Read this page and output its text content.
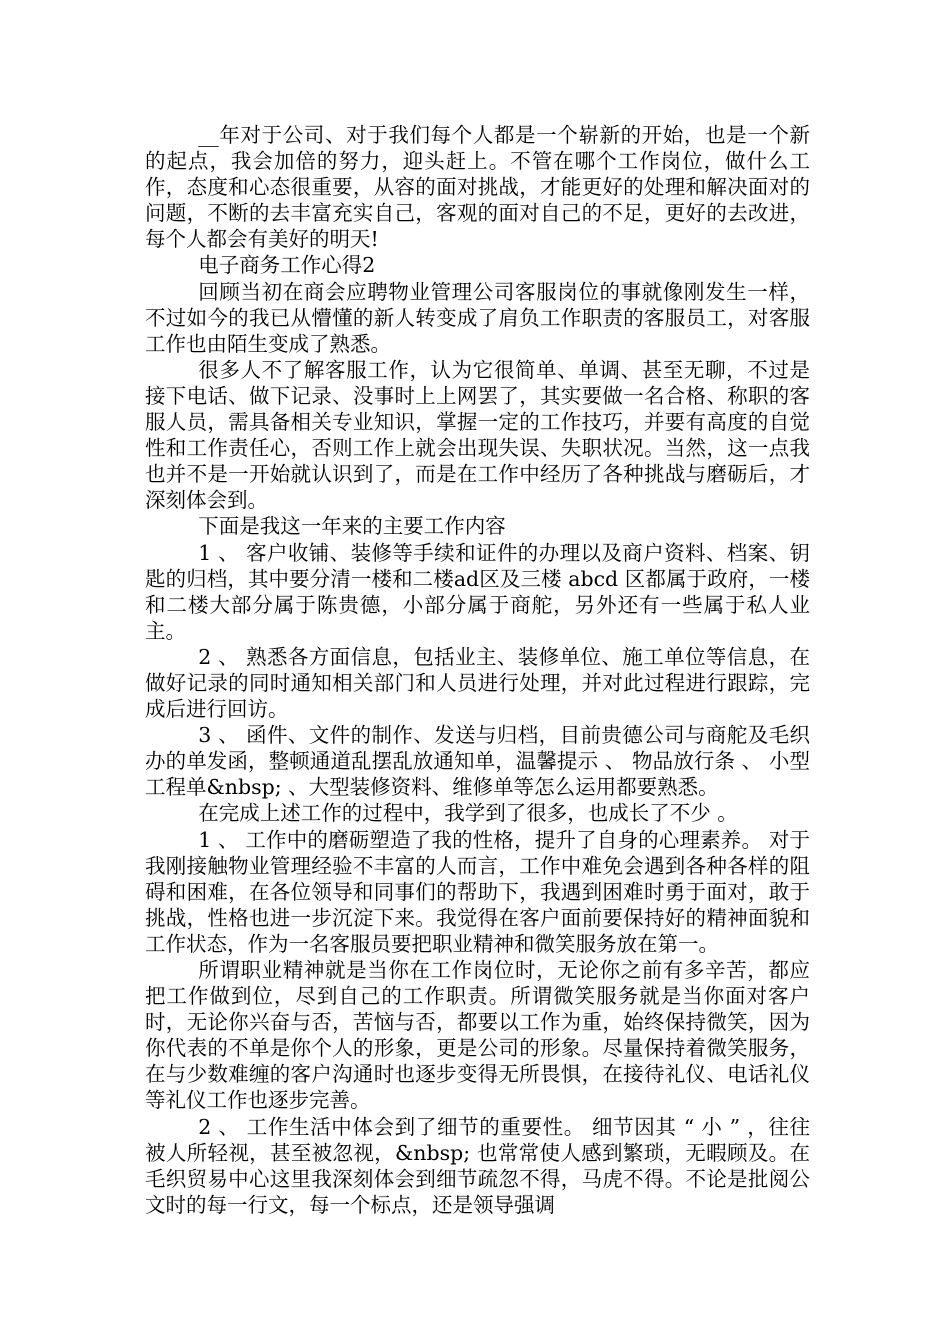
__年对于公司、对于我们每个人都是一个崭新的开始，也是一个新的起点，我会加倍的努力，迎头赶上。不管在哪个工作岗位，做什么工作，态度和心态很重要，从容的面对挑战，才能更好的处理和解决面对的问题，不断的去丰富充实自己，客观的面对自己的不足，更好的去改进，每个人都会有美好的明天!

电子商务工作心得2

回顾当初在商会应聘物业管理公司客服岗位的事就像刚发生一样，不过如今的我已从懵懂的新人转变成了肩负工作职责的客服员工，对客服工作也由陌生变成了熟悉。

很多人不了解客服工作，认为它很简单、单调、甚至无聊，不过是接下电话、做下记录、没事时上上网罢了，其实要做一名合格、称职的客服人员，需具备相关专业知识，掌握一定的工作技巧，并要有高度的自觉性和工作责任心，否则工作上就会出现失误、失职状况。当然，这一点我也并不是一开始就认识到了，而是在工作中经历了各种挑战与磨砺后，才深刻体会到。

下面是我这一年来的主要工作内容

1 、 客户收铺、装修等手续和证件的办理以及商户资料、档案、钥匙的归档，其中要分清一楼和二楼ad区及三楼 abcd 区都属于政府，一楼和二楼大部分属于陈贵德，小部分属于商舵，另外还有一些属于私人业主。

2 、 熟悉各方面信息，包括业主、装修单位、施工单位等信息，在做好记录的同时通知相关部门和人员进行处理，并对此过程进行跟踪，完成后进行回访。

3 、 函件、文件的制作、发送与归档，目前贵德公司与商舵及毛织办的单发函，整顿通道乱摆乱放通知单，温馨提示 、 物品放行条 、 小型工程单&nbsp; 、大型装修资料、维修单等怎么运用都要熟悉。

在完成上述工作的过程中，我学到了很多，也成长了不少 。

1 、 工作中的磨砺塑造了我的性格，提升了自身的心理素养。 对于我刚接触物业管理经验不丰富的人而言，工作中难免会遇到各种各样的阻碍和困难，在各位领导和同事们的帮助下，我遇到困难时勇于面对，敢于挑战，性格也进一步沉淀下来。我觉得在客户面前要保持好的精神面貌和工作状态，作为一名客服员要把职业精神和微笑服务放在第一。

所谓职业精神就是当你在工作岗位时，无论你之前有多辛苦，都应把工作做到位，尽到自己的工作职责。所谓微笑服务就是当你面对客户时，无论你兴奋与否，苦恼与否，都要以工作为重，始终保持微笑，因为你代表的不单是你个人的形象，更是公司的形象。尽量保持着微笑服务，在与少数难缠的客户沟通时也逐步变得无所畏惧，在接待礼仪、电话礼仪等礼仪工作也逐步完善。

2 、 工作生活中体会到了细节的重要性。 细节因其 “ 小 ” ，往往被人所轻视，甚至被忽视，&nbsp; 也常常使人感到繁琐，无暇顾及。在毛织贸易中心这里我深刻体会到细节疏忽不得，马虎不得。不论是批阅公文时的每一行文，每一个标点，还是领导强调
